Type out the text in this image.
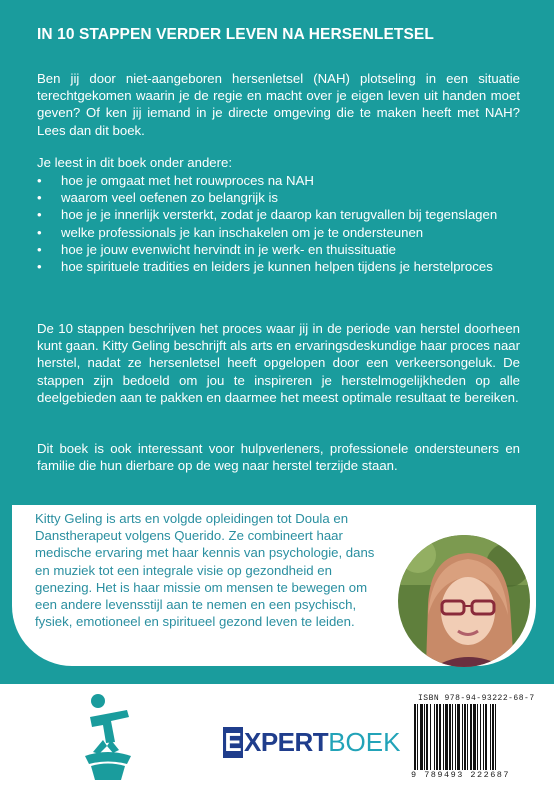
IN 10 STAPPEN VERDER LEVEN NA HERSENLETSEL
Ben jij door niet-aangeboren hersenletsel (NAH) plotseling in een situatie terechtgekomen waarin je de regie en macht over je eigen leven uit handen moet geven? Of ken jij iemand in je directe omgeving die te maken heeft met NAH? Lees dan dit boek.
Je leest in dit boek onder andere:
• hoe je omgaat met het rouwproces na NAH
• waarom veel oefenen zo belangrijk is
• hoe je je innerlijk versterkt, zodat je daarop kan terugvallen bij tegenslagen
• welke professionals je kan inschakelen om je te ondersteunen
• hoe je jouw evenwicht hervindt in je werk- en thuissituatie
• hoe spirituele tradities en leiders je kunnen helpen tijdens je herstelproces
De 10 stappen beschrijven het proces waar jij in de periode van herstel doorheen kunt gaan. Kitty Geling beschrijft als arts en ervaringsdeskundige haar proces naar herstel, nadat ze hersenletsel heeft opgelopen door een verkeersongeluk. De stappen zijn bedoeld om jou te inspireren je herstelmogelijkheden op alle deelgebieden aan te pakken en daarmee het meest optimale resultaat te bereiken.
Dit boek is ook interessant voor hulpverleners, professionele ondersteuners en familie die hun dierbare op de weg naar herstel terzijde staan.
Kitty Geling is arts en volgde opleidingen tot Doula en Danstherapeut volgens Querido. Ze combineert haar medische ervaring met haar kennis van psychologie, dans en muziek tot een integrale visie op gezondheid en genezing. Het is haar missie om mensen te bewegen om een andere levensstijl aan te nemen en een psychisch, fysiek, emotioneel en spiritueel gezond leven te leiden.
E XPERT BOEK
ISBN 978-94-93222-68-7
9 789493 222687
